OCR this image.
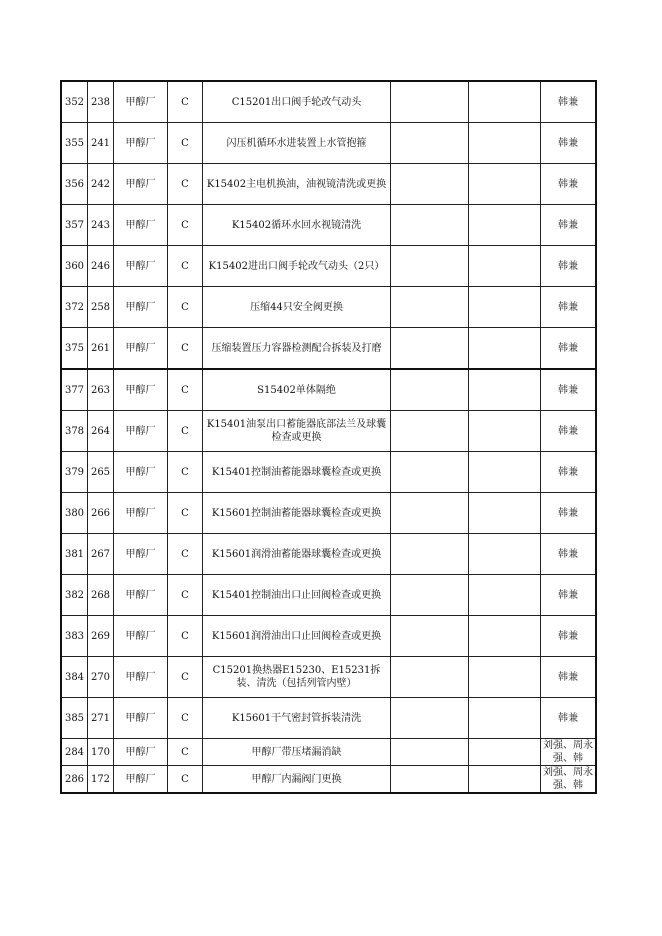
352	238	甲醇厂	C	C15201出口阀手轮改气动头			韩兼
355	241	甲醇厂	C	闪压机循环水进装置上水管抱箍			韩兼
356	242	甲醇厂	C	K15402主电机换油，油视镜清洗或更换			韩兼
357	243	甲醇厂	C	K15402循环水回水视镜清洗			韩兼
360	246	甲醇厂	C	K15402进出口阀手轮改气动头（2只）			韩兼
372	258	甲醇厂	C	压缩44只安全阀更换			韩兼
375	261	甲醇厂	C	压缩装置压力容器检测配合拆装及打磨			韩兼
377	263	甲醇厂	C	S15402单体隔绝			韩兼
378	264	甲醇厂	C	K15401油泵出口蓄能器底部法兰及球囊检查或更换			韩兼
379	265	甲醇厂	C	K15401控制油蓄能器球囊检查或更换			韩兼
380	266	甲醇厂	C	K15601控制油蓄能器球囊检查或更换			韩兼
381	267	甲醇厂	C	K15601润滑油蓄能器球囊检查或更换			韩兼
382	268	甲醇厂	C	K15401控制油出口止回阀检查或更换			韩兼
383	269	甲醇厂	C	K15601润滑油出口止回阀检查或更换			韩兼
384	270	甲醇厂	C	C15201换热器E15230、E15231拆装、清洗（包括列管内壁）			韩兼
385	271	甲醇厂	C	K15601干气密封管拆装清洗			韩兼
284	170	甲醇厂	C	甲醇厂带压堵漏消缺			刘强、周永强、韩
286	172	甲醇厂	C	甲醇厂内漏阀门更换			刘强、周永强、韩
